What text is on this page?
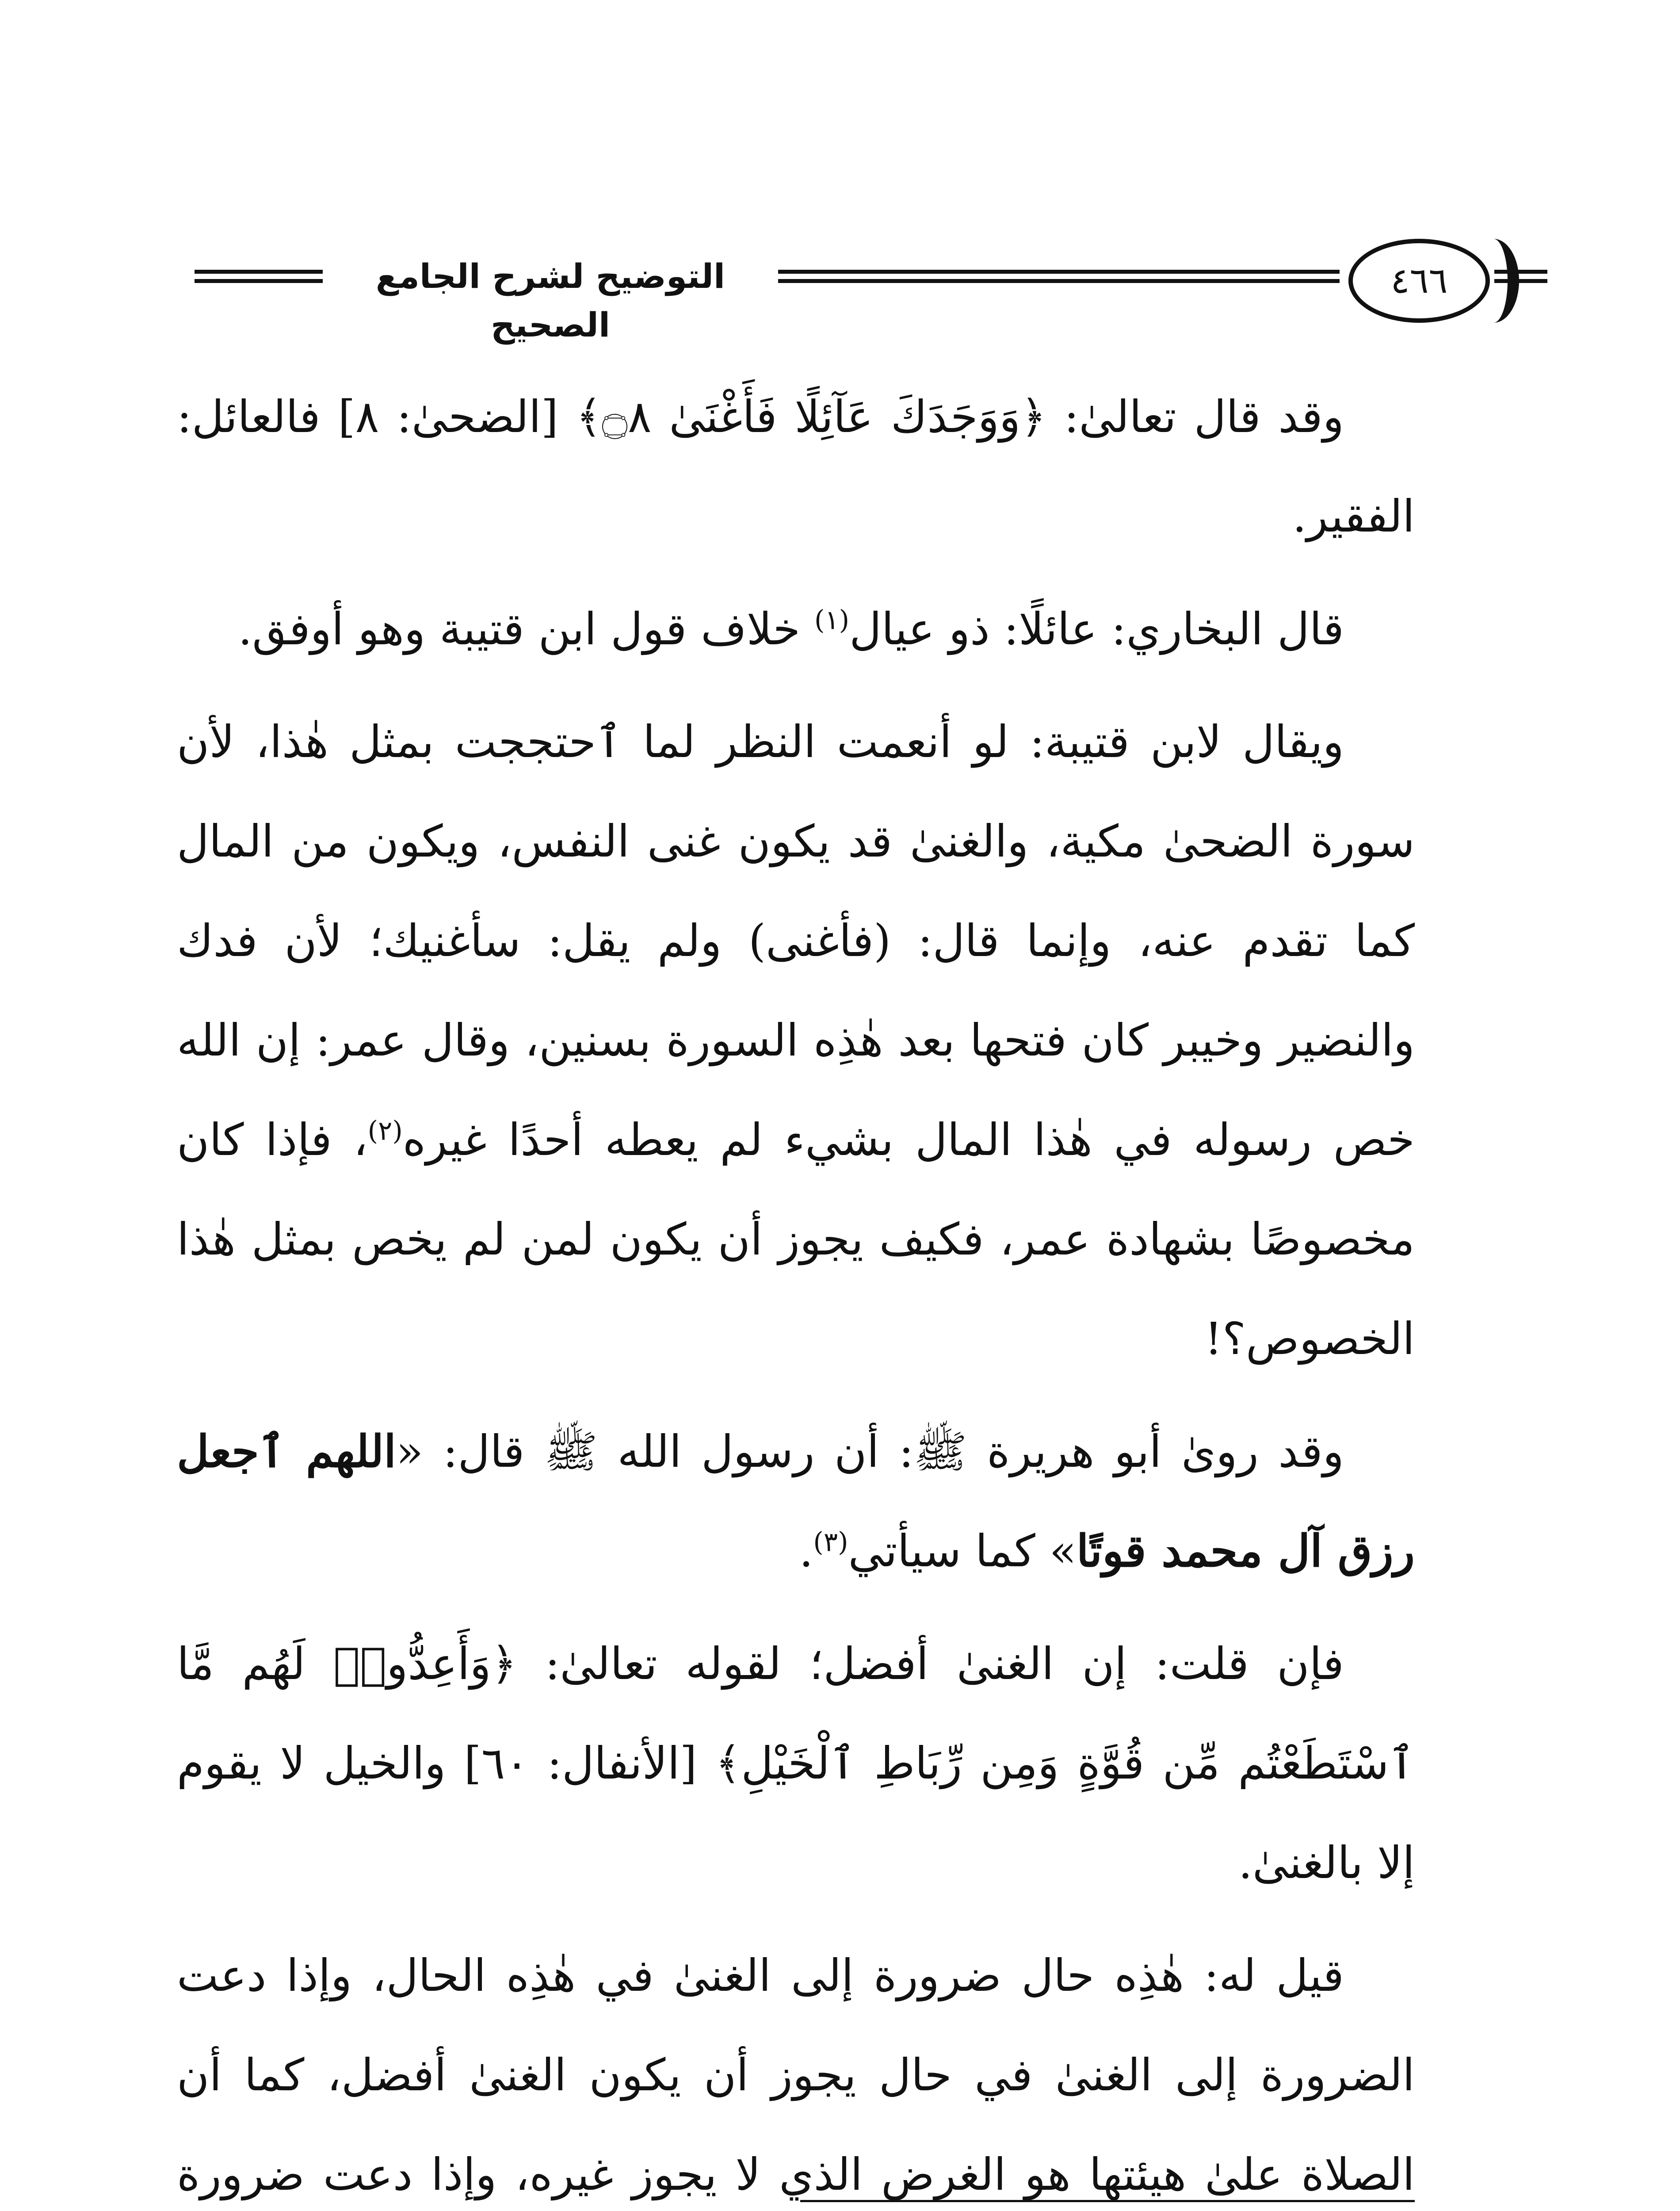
التوضيح لشرح الجامع الصحيح
٤٦٦

وقد قال تعالىٰ: ﴿وَوَجَدَكَ عَآئِلًا فَأَغْنَىٰ ۝٨﴾ [الضحىٰ: ٨] فالعائل: الفقير.

قال البخاري: عائلًا: ذو عيال$^{(١)}$ خلاف قول ابن قتيبة وهو أوفق.

ويقال لابن قتيبة: لو أنعمت النظر لما ٱحتججت بمثل هٰذا، لأن سورة الضحىٰ مكية، والغنىٰ قد يكون غنى النفس، ويكون من المال كما تقدم عنه، وإنما قال: (فأغنى) ولم يقل: سأغنيك؛ لأن فدك والنضير وخيبر كان فتحها بعد هٰذِه السورة بسنين، وقال عمر: إن الله خص رسوله في هٰذا المال بشيء لم يعطه أحدًا غيره$^{(٢)}$، فإذا كان مخصوصًا بشهادة عمر، فكيف يجوز أن يكون لمن لم يخص بمثل هٰذا الخصوص؟!

وقد روىٰ أبو هريرة ﷺ: أن رسول الله ﷺ قال: «اللهم ٱجعل رزق آل محمد قوتًا» كما سيأتي$^{(٣)}$.

فإن قلت: إن الغنىٰ أفضل؛ لقوله تعالىٰ: ﴿وَأَعِدُّوا۟ لَهُم مَّا ٱسْتَطَعْتُم مِّن قُوَّةٍ وَمِن رِّبَاطِ ٱلْخَيْلِ﴾ [الأنفال: ٦٠] والخيل لا يقوم إلا بالغنىٰ.

قيل له: هٰذِه حال ضرورة إلى الغنىٰ في هٰذِه الحال، وإذا دعت الضرورة إلى الغنىٰ في حال يجوز أن يكون الغنىٰ أفضل، كما أن الصلاة علىٰ هيئتها هو الغرض الذي لا يجوز غيره، وإذا دعت ضرورة
